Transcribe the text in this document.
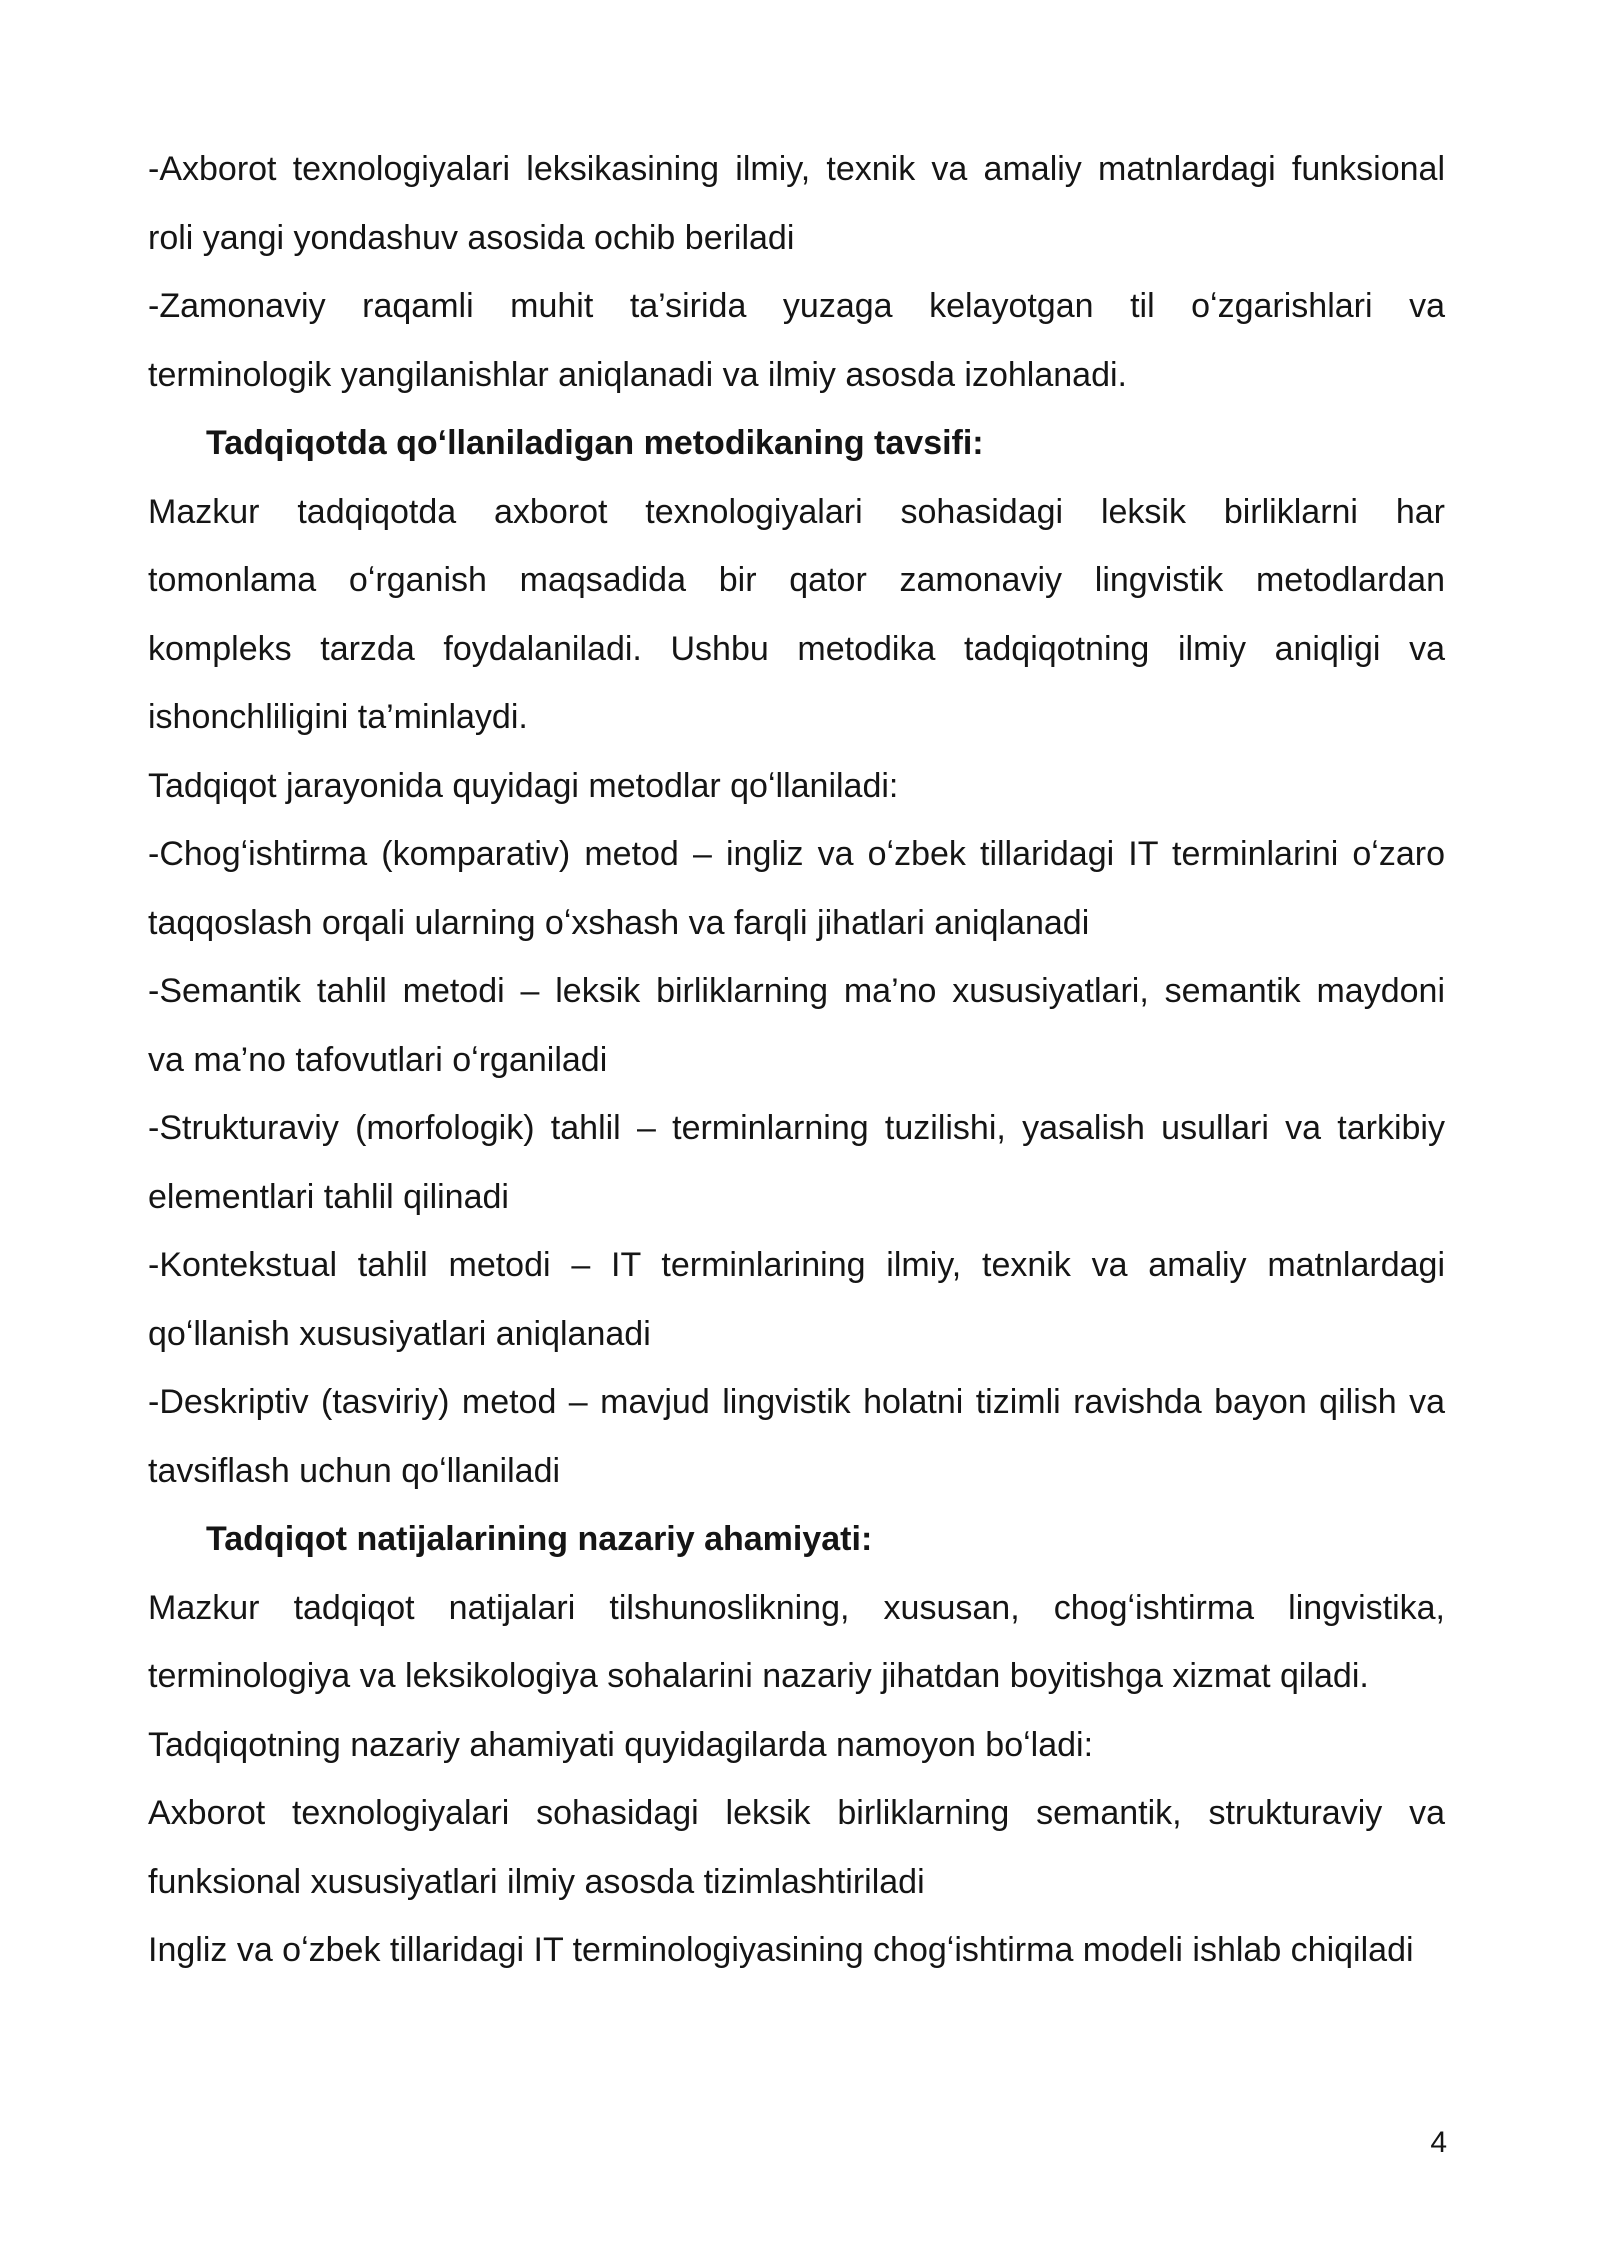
-Axborot texnologiyalari leksikasining ilmiy, texnik va amaliy matnlardagi funksional
roli yangi yondashuv asosida ochib beriladi
-Zamonaviy raqamli muhit ta’sirida yuzaga kelayotgan til oʻzgarishlari va
terminologik yangilanishlar aniqlanadi va ilmiy asosda izohlanadi.
Tadqiqotda qoʻllaniladigan metodikaning tavsifi:
Mazkur tadqiqotda axborot texnologiyalari sohasidagi leksik birliklarni har
tomonlama oʻrganish maqsadida bir qator zamonaviy lingvistik metodlardan
kompleks tarzda foydalaniladi. Ushbu metodika tadqiqotning ilmiy aniqligi va
ishonchliligini ta’minlaydi.
Tadqiqot jarayonida quyidagi metodlar qoʻllaniladi:
-Chogʻishtirma (komparativ) metod – ingliz va oʻzbek tillaridagi IT terminlarini oʻzaro
taqqoslash orqali ularning oʻxshash va farqli jihatlari aniqlanadi
-Semantik tahlil metodi – leksik birliklarning ma’no xususiyatlari, semantik maydoni
va ma’no tafovutlari oʻrganiladi
-Strukturaviy (morfologik) tahlil – terminlarning tuzilishi, yasalish usullari va tarkibiy
elementlari tahlil qilinadi
-Kontekstual tahlil metodi – IT terminlarining ilmiy, texnik va amaliy matnlardagi
qoʻllanish xususiyatlari aniqlanadi
-Deskriptiv (tasviriy) metod – mavjud lingvistik holatni tizimli ravishda bayon qilish va
tavsiflash uchun qoʻllaniladi
Tadqiqot natijalarining nazariy ahamiyati:
Mazkur tadqiqot natijalari tilshunoslikning, xususan, chogʻishtirma lingvistika,
terminologiya va leksikologiya sohalarini nazariy jihatdan boyitishga xizmat qiladi.
Tadqiqotning nazariy ahamiyati quyidagilarda namoyon boʻladi:
Axborot texnologiyalari sohasidagi leksik birliklarning semantik, strukturaviy va
funksional xususiyatlari ilmiy asosda tizimlashtiriladi
Ingliz va oʻzbek tillaridagi IT terminologiyasining chogʻishtirma modeli ishlab chiqiladi
4
